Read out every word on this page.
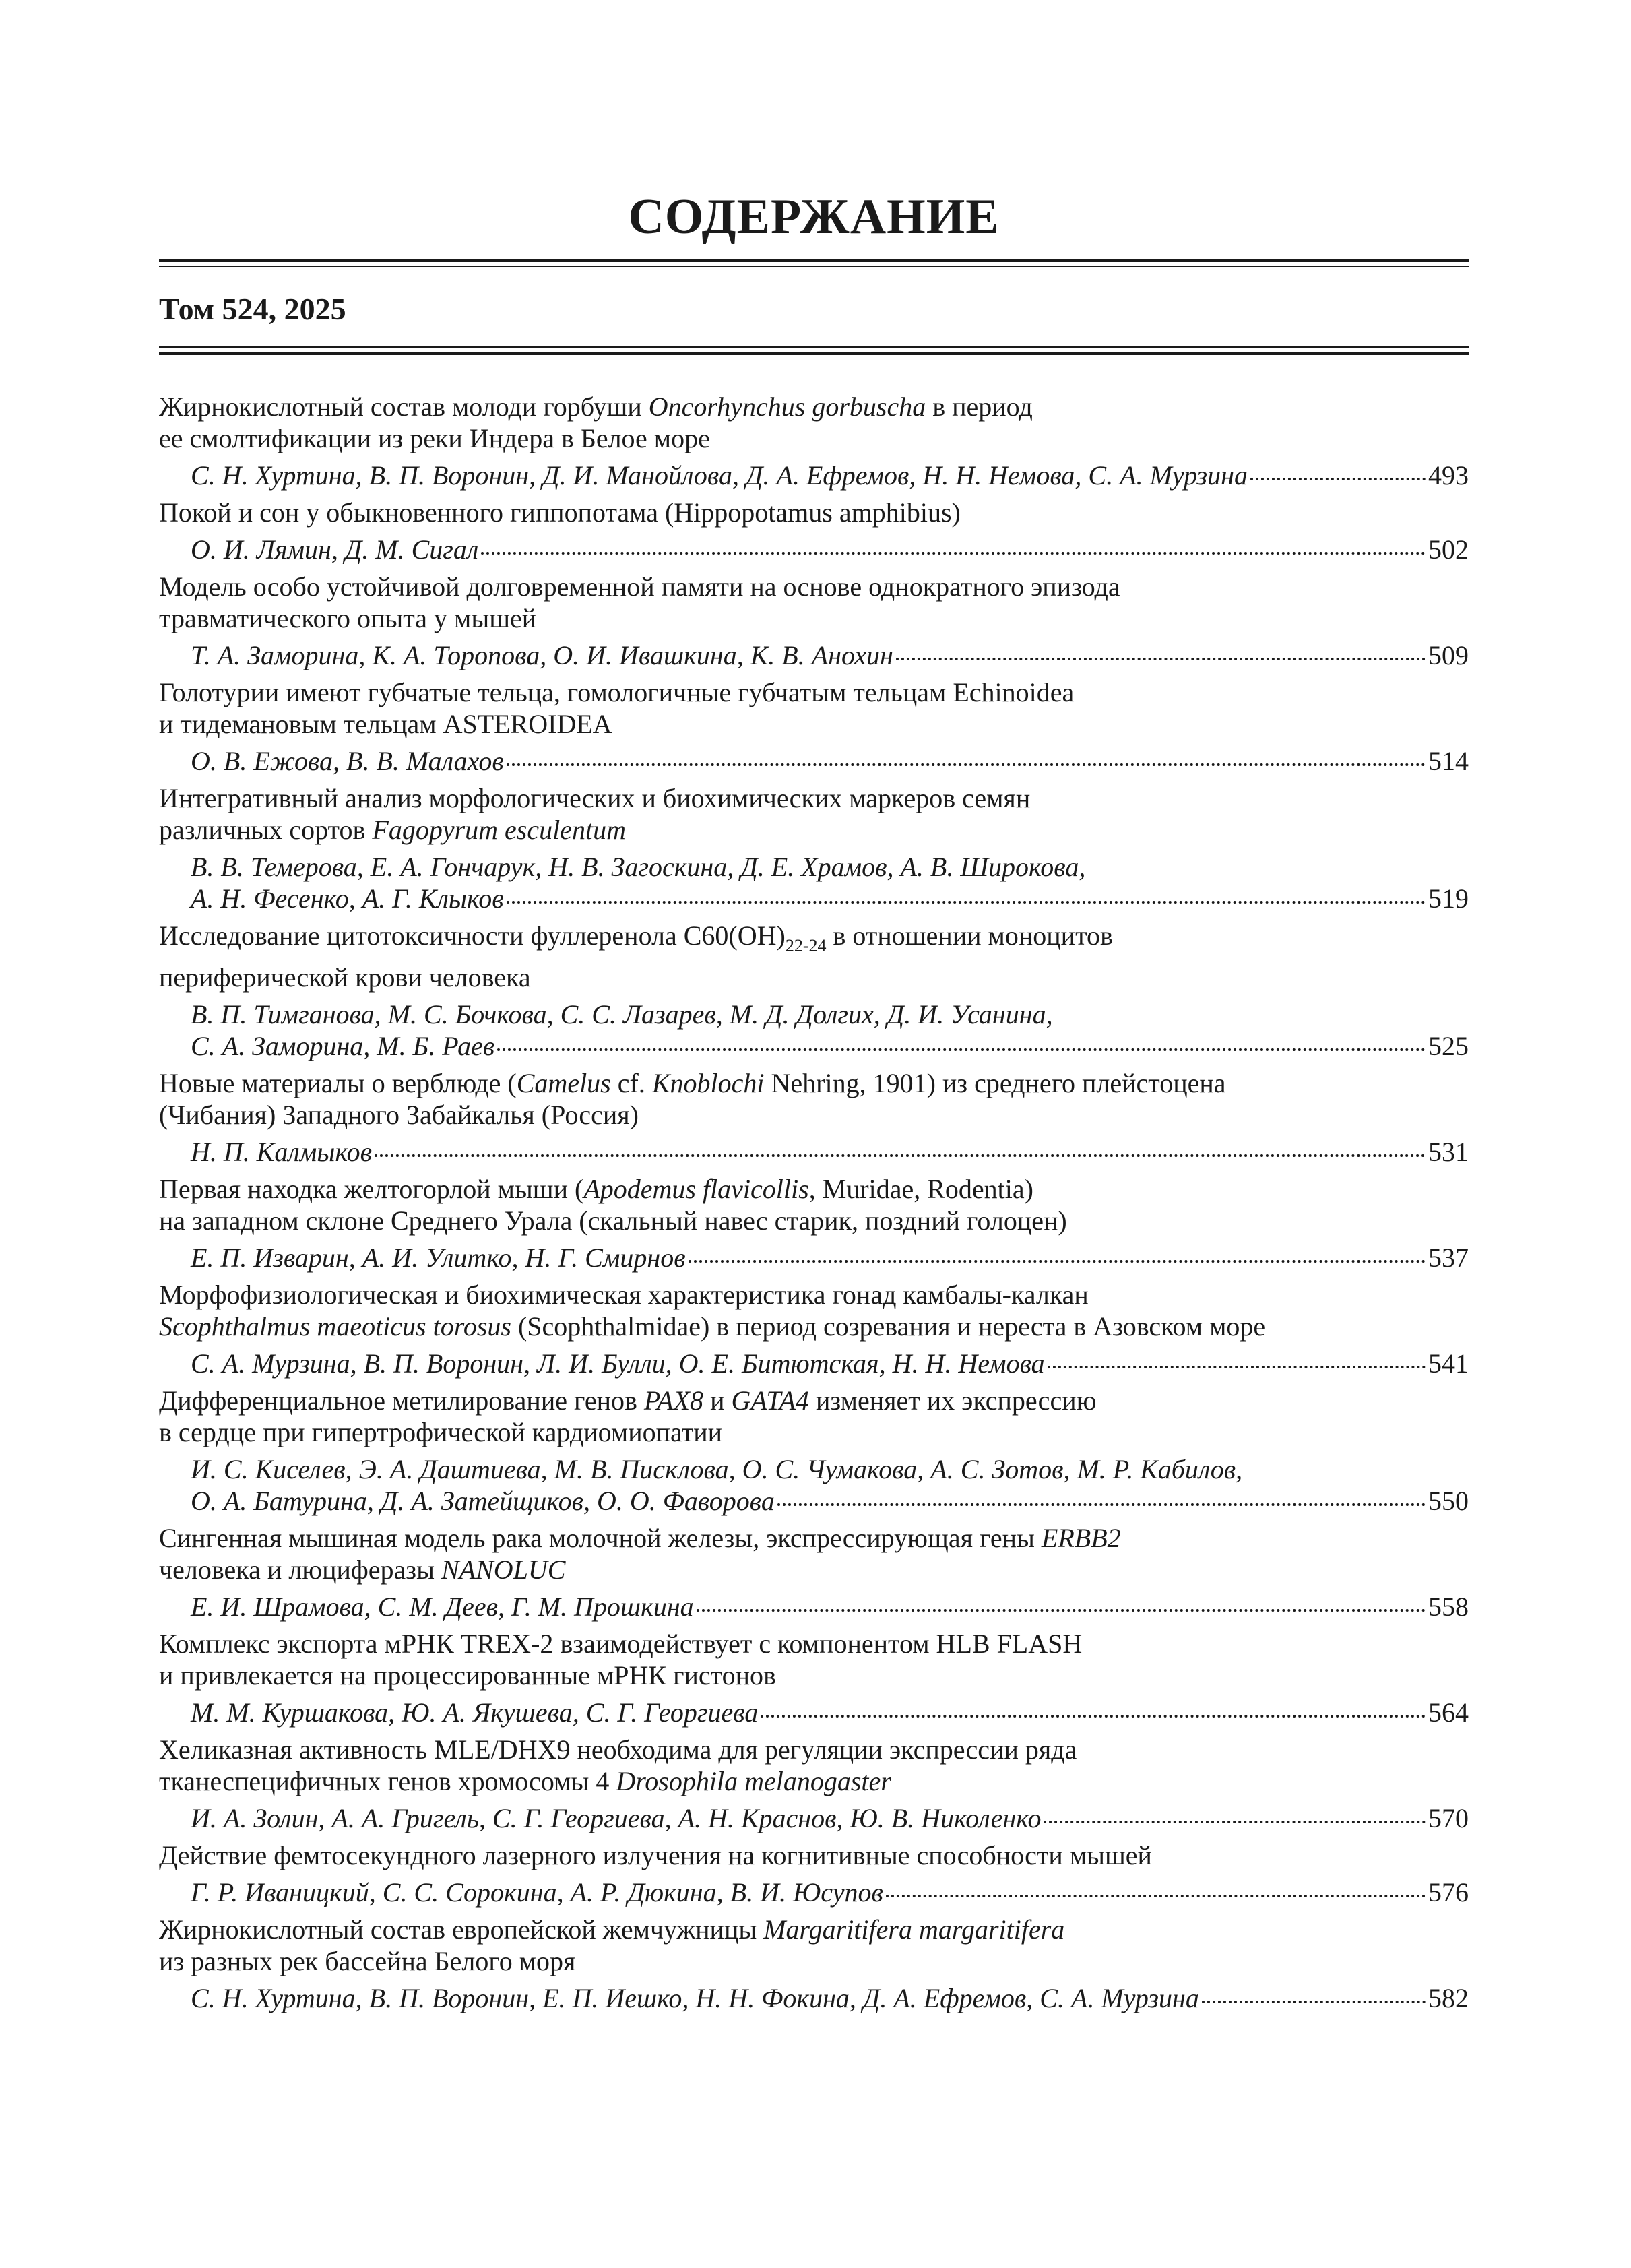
СОДЕРЖАНИЕ
Том 524, 2025
Жирнокислотный состав молоди горбуши Oncorhynchus gorbuscha в период
ее смолтификации из реки Индера в Белое море
С. Н. Хуртина, В. П. Воронин, Д. И. Манойлова, Д. А. Ефремов, Н. Н. Немова, С. А. Мурзина	493
Покой и сон у обыкновенного гиппопотама (Hippopotamus amphibius)
О. И. Лямин, Д. М. Сигал	502
Модель особо устойчивой долговременной памяти на основе однократного эпизода
травматического опыта у мышей
Т. А. Заморина, К. А. Торопова, О. И. Ивашкина, К. В. Анохин	509
Голотурии имеют губчатые тельца, гомологичные губчатым тельцам Echinoidea
и тидемановым тельцам ASTEROIDEA
О. В. Ежова, В. В. Малахов	514
Интегративный анализ морфологических и биохимических маркеров семян
различных сортов Fagopyrum esculentum
В. В. Темерова, Е. А. Гончарук, Н. В. Загоскина, Д. Е. Храмов, А. В. Широкова,
А. Н. Фесенко, А. Г. Клыков	519
Исследование цитотоксичности фуллеренола $С60(ОН)_{22-24}$ в отношении моноцитов
периферической крови человека
В. П. Тимганова, М. С. Бочкова, С. С. Лазарев, М. Д. Долгих, Д. И. Усанина,
С. А. Заморина, М. Б. Раев	525
Новые материалы о верблюде (Camelus cf. Knoblochi Nehring, 1901) из среднего плейстоцена
(Чибания) Западного Забайкалья (Россия)
Н. П. Калмыков	531
Первая находка желтогорлой мыши (Apodemus flavicollis, Muridae, Rodentia)
на западном склоне Среднего Урала (скальный навес старик, поздний голоцен)
Е. П. Изварин, А. И. Улитко, Н. Г. Смирнов	537
Морфофизиологическая и биохимическая характеристика гонад камбалы-калкан
Scophthalmus maeoticus torosus (Scophthalmidae) в период созревания и нереста в Азовском море
С. А. Мурзина, В. П. Воронин, Л. И. Булли, О. Е. Битютская, Н. Н. Немова	541
Дифференциальное метилирование генов PAX8 и GATA4 изменяет их экспрессию
в сердце при гипертрофической кардиомиопатии
И. С. Киселев, Э. А. Даштиева, М. В. Писклова, О. С. Чумакова, А. С. Зотов, М. Р. Кабилов,
О. А. Батурина, Д. А. Затейщиков, О. О. Фаворова	550
Сингенная мышиная модель рака молочной железы, экспрессирующая гены ERBB2
человека и люциферазы NANOLUC
Е. И. Шрамова, С. М. Деев, Г. М. Прошкина	558
Комплекс экспорта мРНК TREX-2 взаимодействует с компонентом HLB FLASH
и привлекается на процессированные мРНК гистонов
М. М. Куршакова, Ю. А. Якушева, С. Г. Георгиева	564
Хеликазная активность MLE/DHX9 необходима для регуляции экспрессии ряда
тканеспецифичных генов хромосомы 4 Drosophila melanogaster
И. А. Золин, А. А. Григель, С. Г. Георгиева, А. Н. Краснов, Ю. В. Николенко	570
Действие фемтосекундного лазерного излучения на когнитивные способности мышей
Г. Р. Иваницкий, С. С. Сорокина, А. Р. Дюкина, В. И. Юсупов	576
Жирнокислотный состав европейской жемчужницы Margaritifera margaritifera
из разных рек бассейна Белого моря
С. Н. Хуртина, В. П. Воронин, Е. П. Иешко, Н. Н. Фокина, Д. А. Ефремов, С. А. Мурзина	582
